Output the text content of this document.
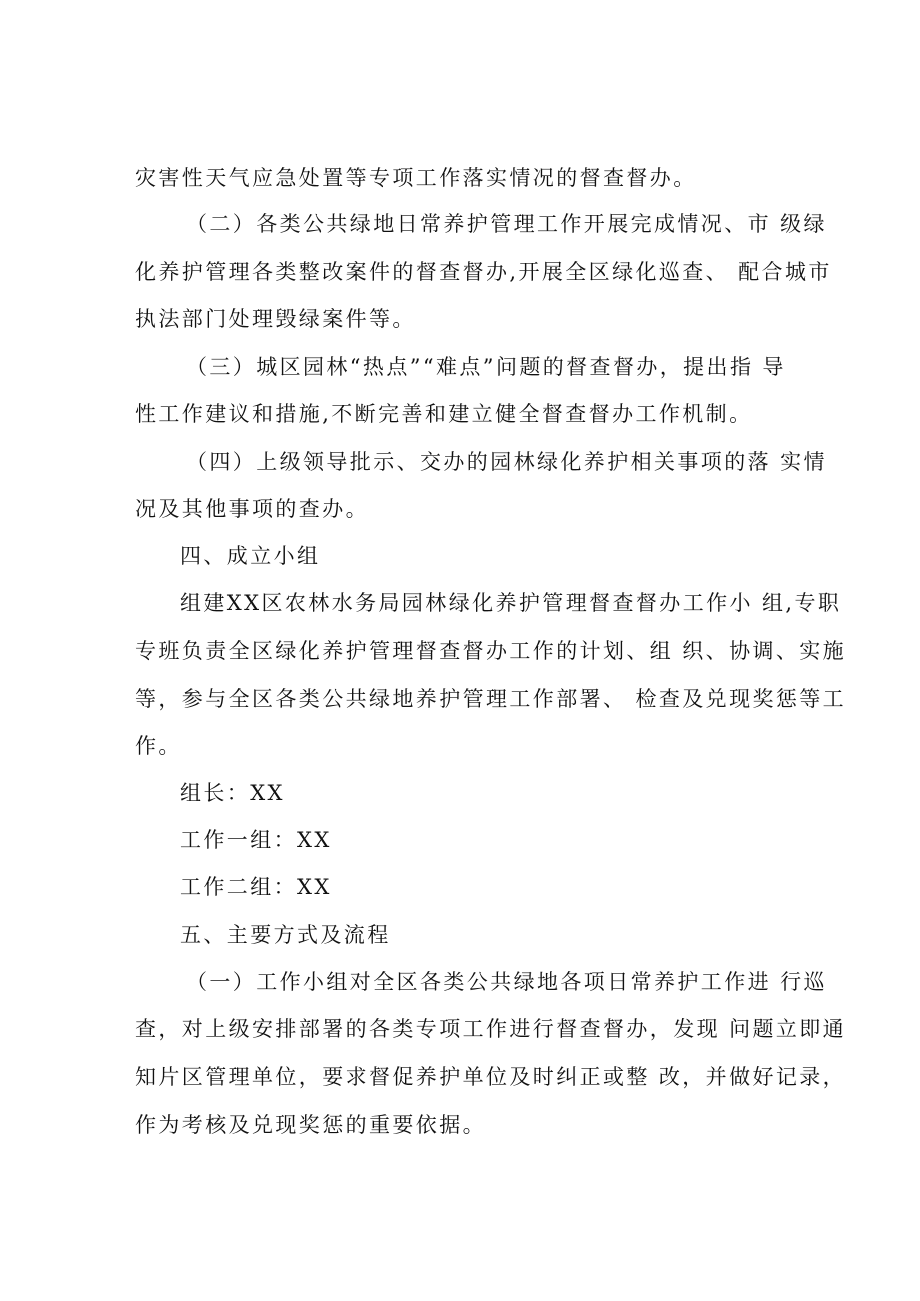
灾害性天气应急处置等专项工作落实情况的督查督办。
（二）各类公共绿地日常养护管理工作开展完成情况、市 级绿
化养护管理各类整改案件的督查督办,开展全区绿化巡查、 配合城市
执法部门处理毁绿案件等。
（三）城区园林“热点”“难点”问题的督查督办，提出指 导
性工作建议和措施,不断完善和建立健全督查督办工作机制。
（四）上级领导批示、交办的园林绿化养护相关事项的落 实情
况及其他事项的查办。
四、成立小组
组建XX区农林水务局园林绿化养护管理督查督办工作小 组,专职
专班负责全区绿化养护管理督查督办工作的计划、组 织、协调、实施
等，参与全区各类公共绿地养护管理工作部署、 检查及兑现奖惩等工
作。
组长：XX
工作一组：XX
工作二组：XX
五、主要方式及流程
（一）工作小组对全区各类公共绿地各项日常养护工作进 行巡
查，对上级安排部署的各类专项工作进行督查督办，发现 问题立即通
知片区管理单位，要求督促养护单位及时纠正或整 改，并做好记录，
作为考核及兑现奖惩的重要依据。
